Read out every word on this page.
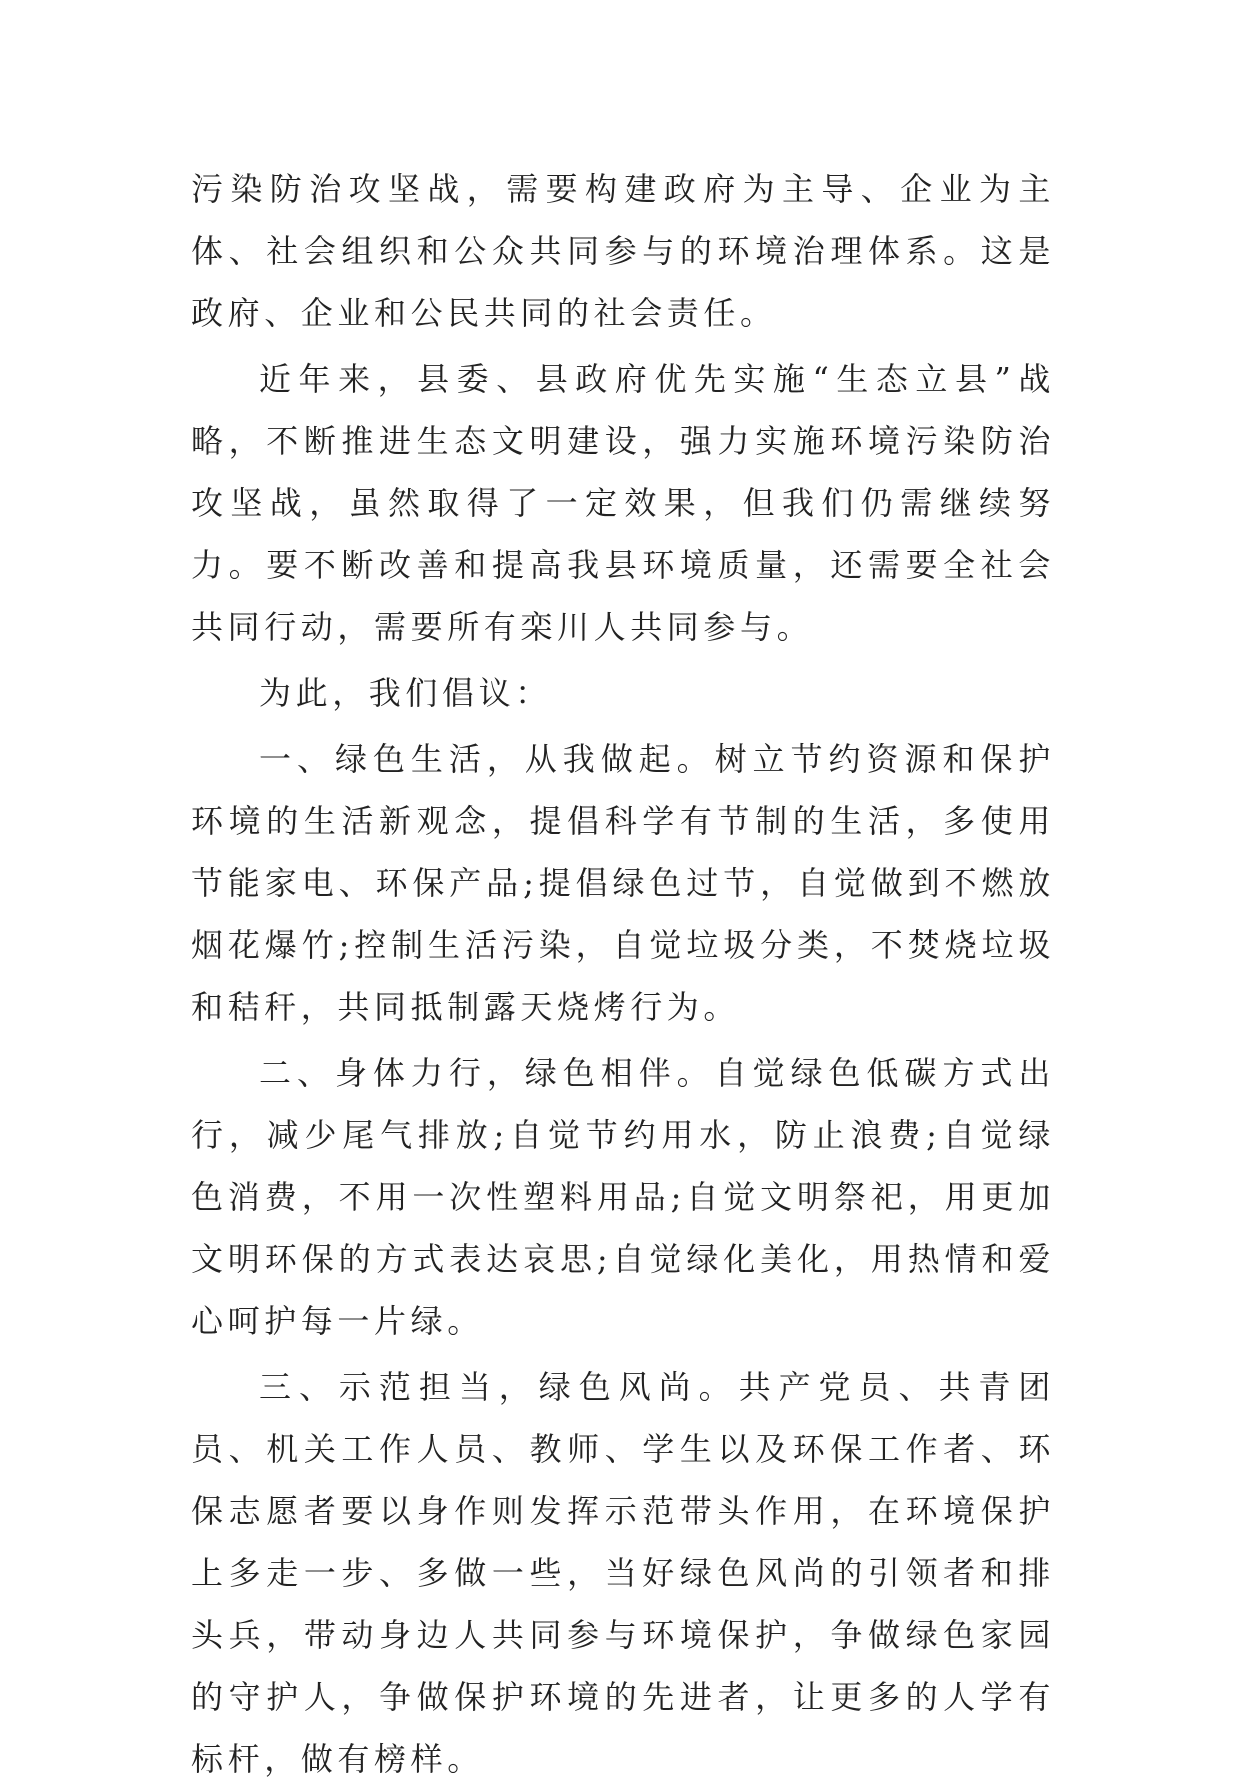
污染防治攻坚战，需要构建政府为主导、企业为主体、社会组织和公众共同参与的环境治理体系。这是政府、企业和公民共同的社会责任。

近年来，县委、县政府优先实施“生态立县”战略，不断推进生态文明建设，强力实施环境污染防治攻坚战，虽然取得了一定效果，但我们仍需继续努力。要不断改善和提高我县环境质量，还需要全社会共同行动，需要所有栾川人共同参与。

为此，我们倡议：

一、绿色生活，从我做起。树立节约资源和保护环境的生活新观念，提倡科学有节制的生活，多使用节能家电、环保产品;提倡绿色过节，自觉做到不燃放烟花爆竹;控制生活污染，自觉垃圾分类，不焚烧垃圾和秸秆，共同抵制露天烧烤行为。

二、身体力行，绿色相伴。自觉绿色低碳方式出行，减少尾气排放;自觉节约用水，防止浪费;自觉绿色消费，不用一次性塑料用品;自觉文明祭祀，用更加文明环保的方式表达哀思;自觉绿化美化，用热情和爱心呵护每一片绿。

三、示范担当，绿色风尚。共产党员、共青团员、机关工作人员、教师、学生以及环保工作者、环保志愿者要以身作则发挥示范带头作用，在环境保护上多走一步、多做一些，当好绿色风尚的引领者和排头兵，带动身边人共同参与环境保护，争做绿色家园的守护人，争做保护环境的先进者，让更多的人学有标杆，做有榜样。
